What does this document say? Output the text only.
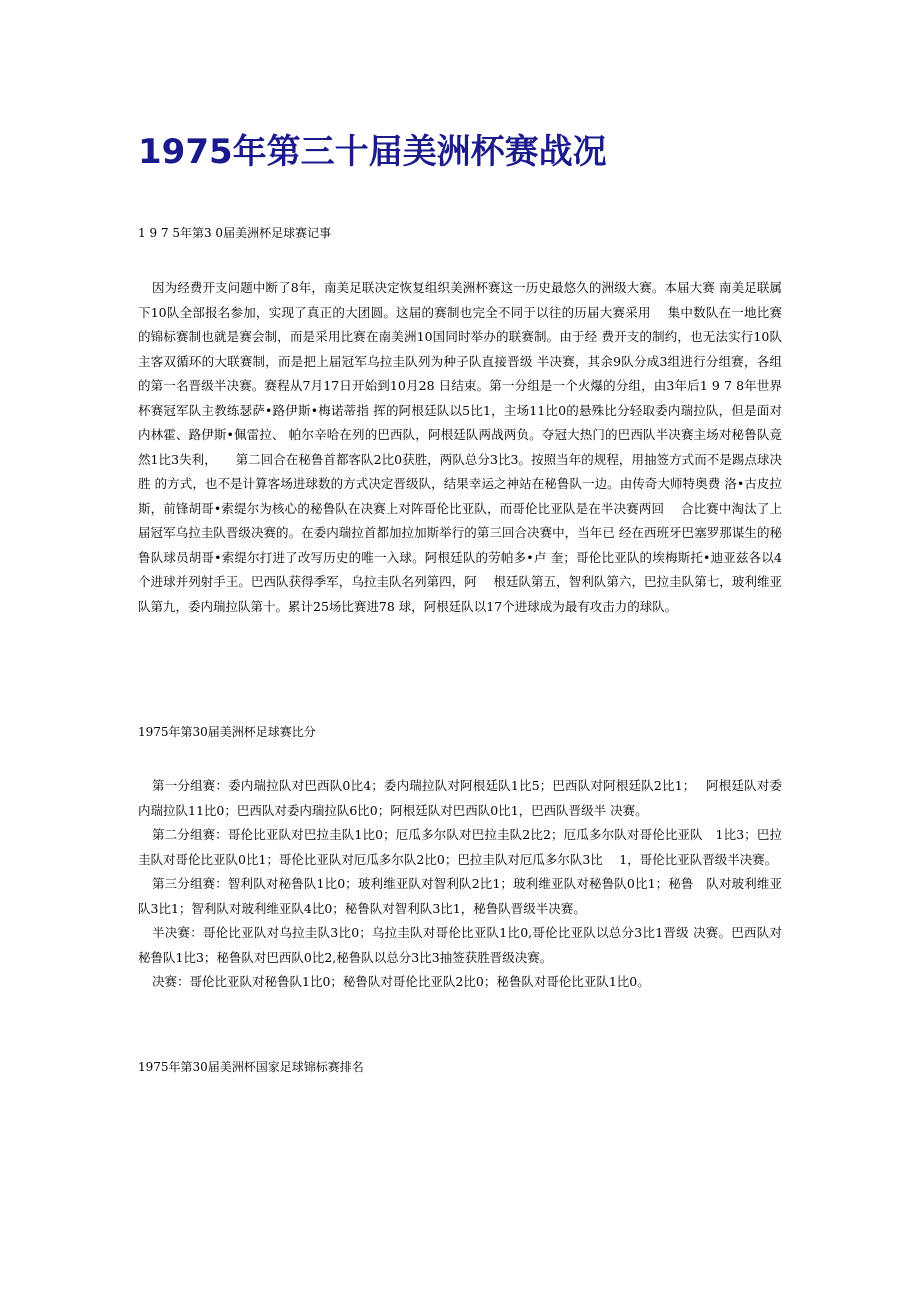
1975年第三十届美洲杯赛战况

1 9 7 5年第3 0届美洲杯足球赛记事

因为经费开支问题中断了8年，南美足联决定恢复组织美洲杯赛这一历史最悠久的洲级大赛。本届大赛 南美足联属下10队全部报名参加，实现了真正的大团圆。这届的赛制也完全不同于以往的历届大赛采用　 集中数队在一地比赛的锦标赛制也就是赛会制，而是采用比赛在南美洲10国同时举办的联赛制。由于经 费开支的制约，也无法实行10队主客双循环的大联赛制，而是把上届冠军乌拉圭队列为种子队直接晋级 半决赛，其余9队分成3组进行分组赛，各组的第一名晋级半决赛。赛程从7月17日开始到10月28 日结束。第一分组是一个火爆的分组，由3年后1 9 7 8年世界杯赛冠军队主教练瑟萨•路伊斯•梅诺蒂指 挥的阿根廷队以5比1，主场11比0的悬殊比分轻取委内瑞拉队，但是面对内林霍、路伊斯•佩雷拉、 帕尔辛哈在列的巴西队，阿根廷队两战两负。夺冠大热门的巴西队半决赛主场对秘鲁队竟然1比3失利，　　第二回合在秘鲁首都客队2比0获胜，两队总分3比3。按照当年的规程，用抽签方式而不是踢点球决胜 的方式，也不是计算客场进球数的方式决定晋级队，结果幸运之神站在秘鲁队一边。由传奇大师特奥费 洛•古皮拉斯，前锋胡哥•索缇尔为核心的秘鲁队在决赛上对阵哥伦比亚队，而哥伦比亚队是在半决赛两回　 合比赛中淘汰了上届冠军乌拉圭队晋级决赛的。在委内瑞拉首都加拉加斯举行的第三回合决赛中，当年已 经在西班牙巴塞罗那谋生的秘鲁队球员胡哥•索缇尔打进了改写历史的唯一入球。阿根廷队的劳帕多•卢 奎；哥伦比亚队的埃梅斯托•迪亚兹各以4个进球并列射手王。巴西队获得季军，乌拉圭队名列第四，阿　 根廷队第五，智利队第六，巴拉圭队第七，玻利维亚队第九，委内瑞拉队第十。累计25场比赛进78 球，阿根廷队以17个进球成为最有攻击力的球队。

1975年第30届美洲杯足球赛比分

第一分组赛：委内瑞拉队对巴西队0比4；委内瑞拉队对阿根廷队1比5；巴西队对阿根廷队2比1；　 阿根廷队对委内瑞拉队11比0；巴西队对委内瑞拉队6比0；阿根廷队对巴西队0比1，巴西队晋级半 决赛。

第二分组赛：哥伦比亚队对巴拉圭队1比0；厄瓜多尔队对巴拉圭队2比2；厄瓜多尔队对哥伦比亚队　1比3；巴拉圭队对哥伦比亚队0比1；哥伦比亚队对厄瓜多尔队2比0；巴拉圭队对厄瓜多尔队3比　 1，哥伦比亚队晋级半决赛。

第三分组赛：智利队对秘鲁队1比0；玻利维亚队对智利队2比1；玻利维亚队对秘鲁队0比1；秘鲁　队对玻利维亚队3比1；智利队对玻利维亚队4比0；秘鲁队对智利队3比1，秘鲁队晋级半决赛。

半决赛：哥伦比亚队对乌拉圭队3比0；乌拉圭队对哥伦比亚队1比0,哥伦比亚队以总分3比1晋级 决赛。巴西队对秘鲁队1比3；秘鲁队对巴西队0比2,秘鲁队以总分3比3抽签获胜晋级决赛。

决赛：哥伦比亚队对秘鲁队1比0；秘鲁队对哥伦比亚队2比0；秘鲁队对哥伦比亚队1比0。

1975年第30届美洲杯国家足球锦标赛排名
